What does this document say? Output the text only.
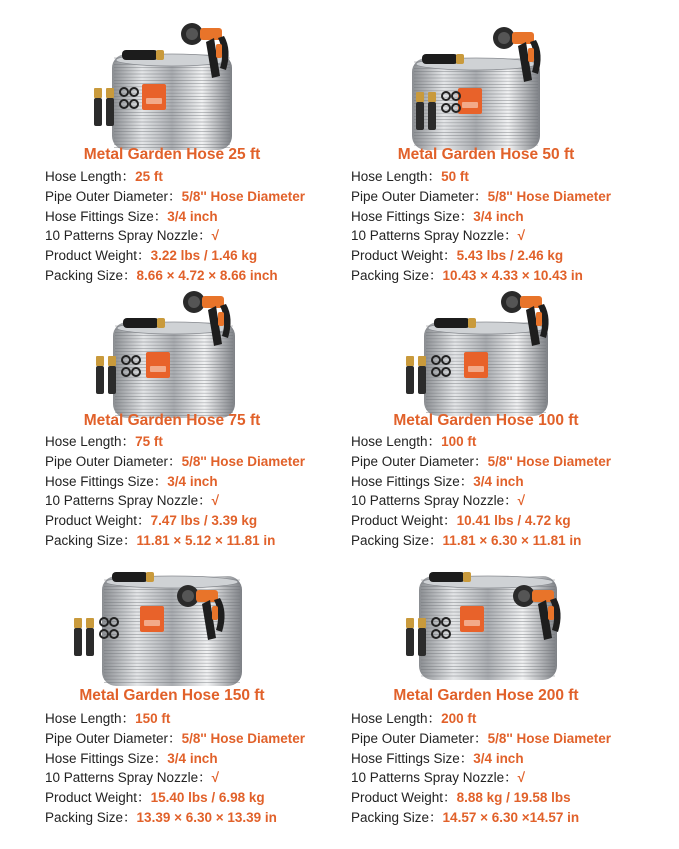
Metal Garden Hose 25 ft
Hose Length：25 ft
Pipe Outer Diameter：5/8'' Hose Diameter
Hose Fittings Size：3/4 inch
10 Patterns Spray Nozzle：√
Product Weight：3.22 lbs / 1.46 kg
Packing Size：8.66 × 4.72 × 8.66 inch
Metal Garden Hose 50 ft
Hose Length：50 ft
Pipe Outer Diameter：5/8'' Hose Diameter
Hose Fittings Size：3/4 inch
10 Patterns Spray Nozzle：√
Product Weight：5.43 lbs / 2.46 kg
Packing Size：10.43 × 4.33 × 10.43 in
Metal Garden Hose 75 ft
Hose Length：75 ft
Pipe Outer Diameter：5/8'' Hose Diameter
Hose Fittings Size：3/4 inch
10 Patterns Spray Nozzle：√
Product Weight：7.47 lbs / 3.39 kg
Packing Size：11.81 × 5.12 × 11.81 in
Metal Garden Hose 100 ft
Hose Length：100 ft
Pipe Outer Diameter：5/8'' Hose Diameter
Hose Fittings Size：3/4 inch
10 Patterns Spray Nozzle：√
Product Weight：10.41 lbs / 4.72 kg
Packing Size：11.81 × 6.30 × 11.81 in
Metal Garden Hose 150 ft
Hose Length：150 ft
Pipe Outer Diameter：5/8'' Hose Diameter
Hose Fittings Size：3/4 inch
10 Patterns Spray Nozzle：√
Product Weight：15.40 lbs / 6.98 kg
Packing Size：13.39 × 6.30 × 13.39 in
Metal Garden Hose 200 ft
Hose Length：200 ft
Pipe Outer Diameter：5/8'' Hose Diameter
Hose Fittings Size：3/4 inch
10 Patterns Spray Nozzle：√
Product Weight：8.88 kg / 19.58 lbs
Packing Size：14.57 × 6.30 ×14.57 in
